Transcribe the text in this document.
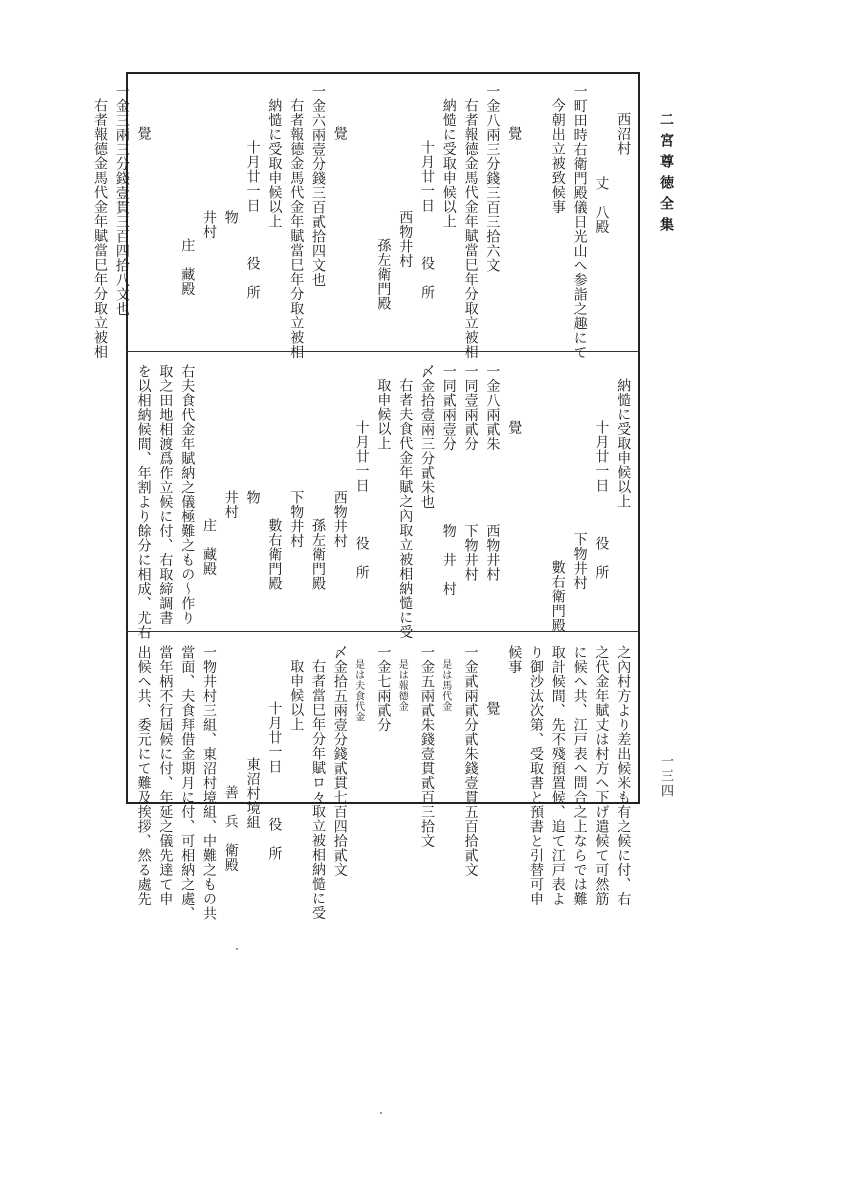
西沼村
丈　八殿
一町田時右衛門殿儀日光山へ参詣之趣にて
今朝出立被致候事
覺
一金八兩三分錢三百三拾六文
右者報德金馬代金年賦當巳年分取立被相
納慥に受取申候以上
十月廿一日　　　役　所
西物井村
孫左衛門殿
覺
一金六兩壹分錢三百貳拾四文也
右者報德金馬代金年賦當巳年分取立被相
納慥に受取申候以上
十月廿一日　　　役　所
物
井村
庄　藏殿
覺
一金三兩三分錢壹貫三百四拾八文也
右者報德金馬代金年賦當巳年分取立被相
納慥に受取申候以上
十月廿一日　　　役　所
下物井村
數右衛門殿
覺
一金八兩貳朱　　　　　西物井村
一同壹兩貳分　　　　　下物井村
一同貳兩壹分　　　　　物　井　村
〆金拾壹兩三分貳朱也
右者夫食代金年賦之內取立被相納慥に受
取申候以上
十月廿一日　　　役　所
西物井村
孫左衛門殿
下物井村
數右衛門殿
物
井村
庄　藏殿
右夫食代金年賦納之儀極難之もの〜作り
取之田地相渡爲作立候に付、右取締調書
を以相納候間、年割より餘分に相成、尤右
之內村方より差出候米も有之候に付、右
之代金年賦丈は村方へ下げ遣候て可然筋
に候へ共、江戸表へ問合之上ならでは難
取計候間、先不殘預置候、追て江戸表よ
り御沙汰次第、受取書と預書と引替可申
候事
覺
一金貳兩貳分貳朱錢壹貫五百拾貳文
是は馬代金
一金五兩貳朱錢壹貫貳百三拾文
是は報德金
一金七兩貳分
是は夫食代金
〆金拾五兩壹分錢貳貫七百四拾貳文
右者當巳年分年賦ロ々取立被相納慥に受
取申候以上
十月廿一日　　　役　所
東沼村境組
善　兵　衛殿
一物井村三組、東沼村境組、中難之もの共
當面、夫食拜借金期月に付、可相納之處、
當年柄不行屆候に付、年延之儀先達て申
出候へ共、委元にて難及挨拶、然る處先
二宮尊徳全集
一三四
